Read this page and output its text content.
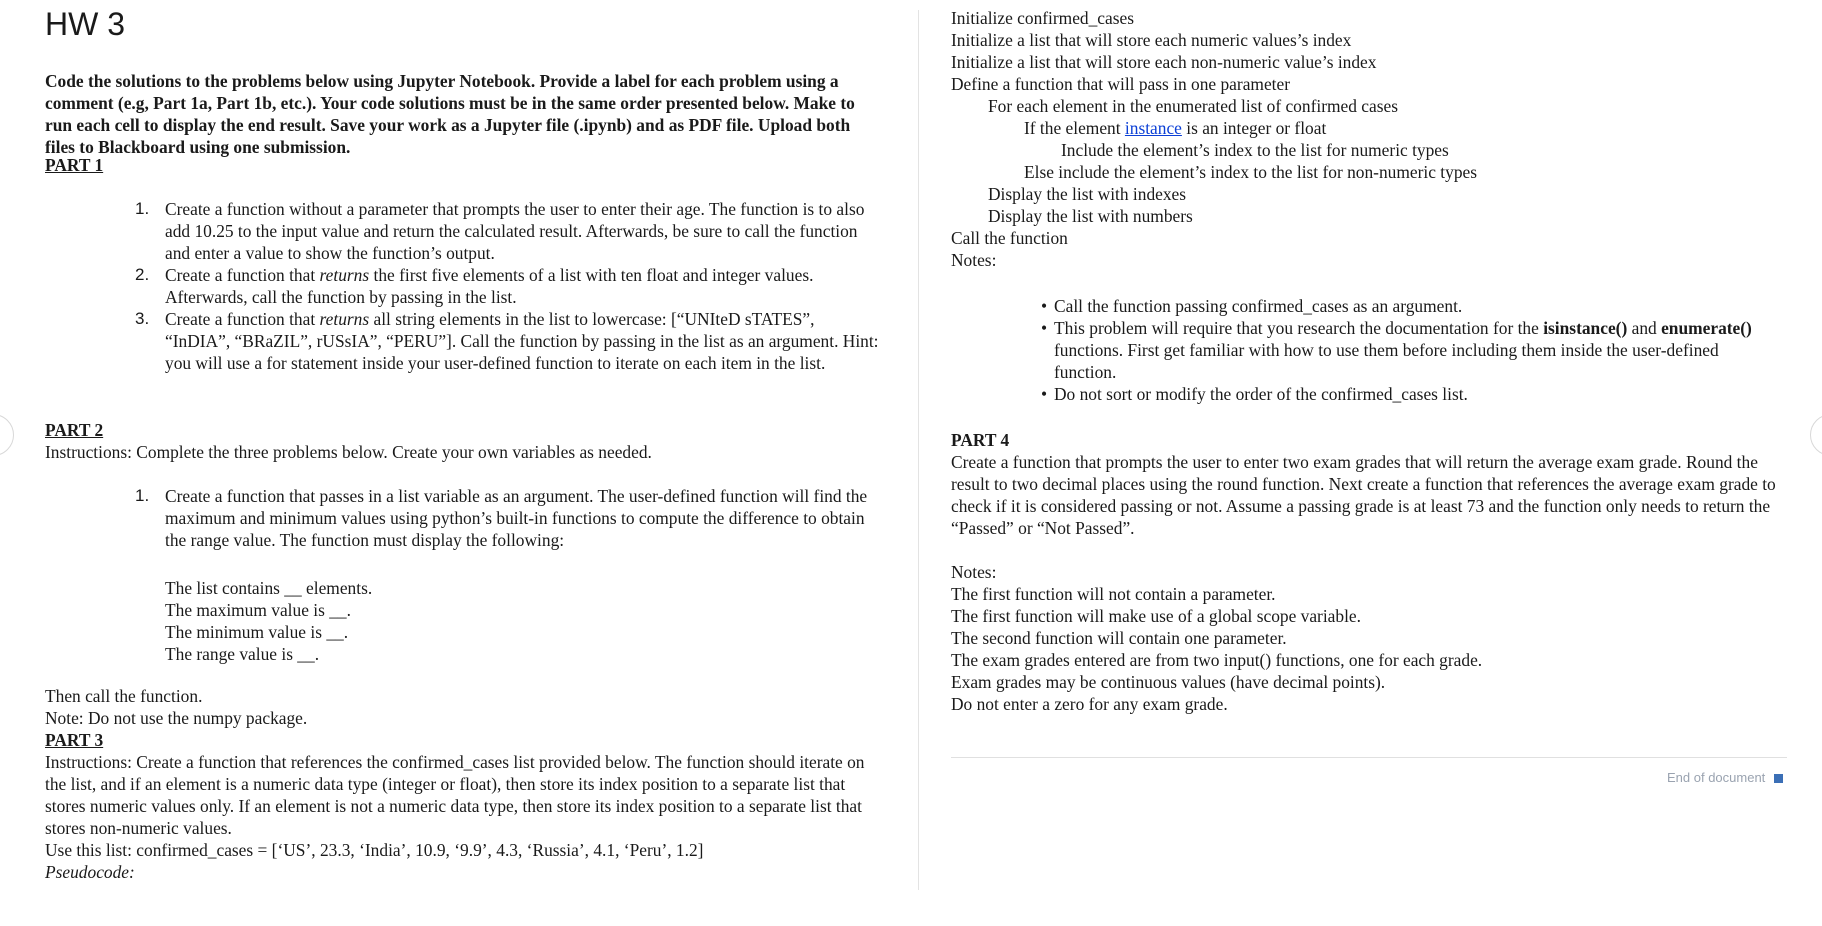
HW 3
Code the solutions to the problems below using Jupyter Notebook. Provide a label for each problem using a comment (e.g, Part 1a, Part 1b, etc.). Your code solutions must be in the same order presented below. Make to run each cell to display the end result. Save your work as a Jupyter file (.ipynb) and as PDF file. Upload both files to Blackboard using one submission.
PART 1
1. Create a function without a parameter that prompts the user to enter their age. The function is to also add 10.25 to the input value and return the calculated result. Afterwards, be sure to call the function and enter a value to show the function’s output.
2. Create a function that returns the first five elements of a list with ten float and integer values. Afterwards, call the function by passing in the list.
3. Create a function that returns all string elements in the list to lowercase: [“UNIteD sTATES”, “InDIA”, “BRaZIL”, rUSsIA”, “PERU”]. Call the function by passing in the list as an argument. Hint: you will use a for statement inside your user-defined function to iterate on each item in the list.
PART 2
Instructions: Complete the three problems below. Create your own variables as needed.
1. Create a function that passes in a list variable as an argument. The user-defined function will find the maximum and minimum values using python’s built-in functions to compute the difference to obtain the range value. The function must display the following:
The list contains __ elements.
The maximum value is __.
The minimum value is __.
The range value is __.
Then call the function.
Note: Do not use the numpy package.
PART 3
Instructions: Create a function that references the confirmed_cases list provided below. The function should iterate on the list, and if an element is a numeric data type (integer or float), then store its index position to a separate list that stores numeric values only. If an element is not a numeric data type, then store its index position to a separate list that stores non-numeric values.
Use this list: confirmed_cases = [‘US’, 23.3, ‘India’, 10.9, ‘9.9’, 4.3, ‘Russia’, 4.1, ‘Peru’, 1.2]
Pseudocode:
Initialize confirmed_cases
Initialize a list that will store each numeric values’s index
Initialize a list that will store each non-numeric value’s index
Define a function that will pass in one parameter
For each element in the enumerated list of confirmed cases
If the element instance is an integer or float
Include the element’s index to the list for numeric types
Else include the element’s index to the list for non-numeric types
Display the list with indexes
Display the list with numbers
Call the function
Notes:
• Call the function passing confirmed_cases as an argument.
• This problem will require that you research the documentation for the isinstance() and enumerate() functions. First get familiar with how to use them before including them inside the user-defined function.
• Do not sort or modify the order of the confirmed_cases list.
PART 4
Create a function that prompts the user to enter two exam grades that will return the average exam grade. Round the result to two decimal places using the round function. Next create a function that references the average exam grade to check if it is considered passing or not. Assume a passing grade is at least 73 and the function only needs to return the “Passed” or “Not Passed”.
Notes:
The first function will not contain a parameter.
The first function will make use of a global scope variable.
The second function will contain one parameter.
The exam grades entered are from two input() functions, one for each grade.
Exam grades may be continuous values (have decimal points).
Do not enter a zero for any exam grade.
End of document
